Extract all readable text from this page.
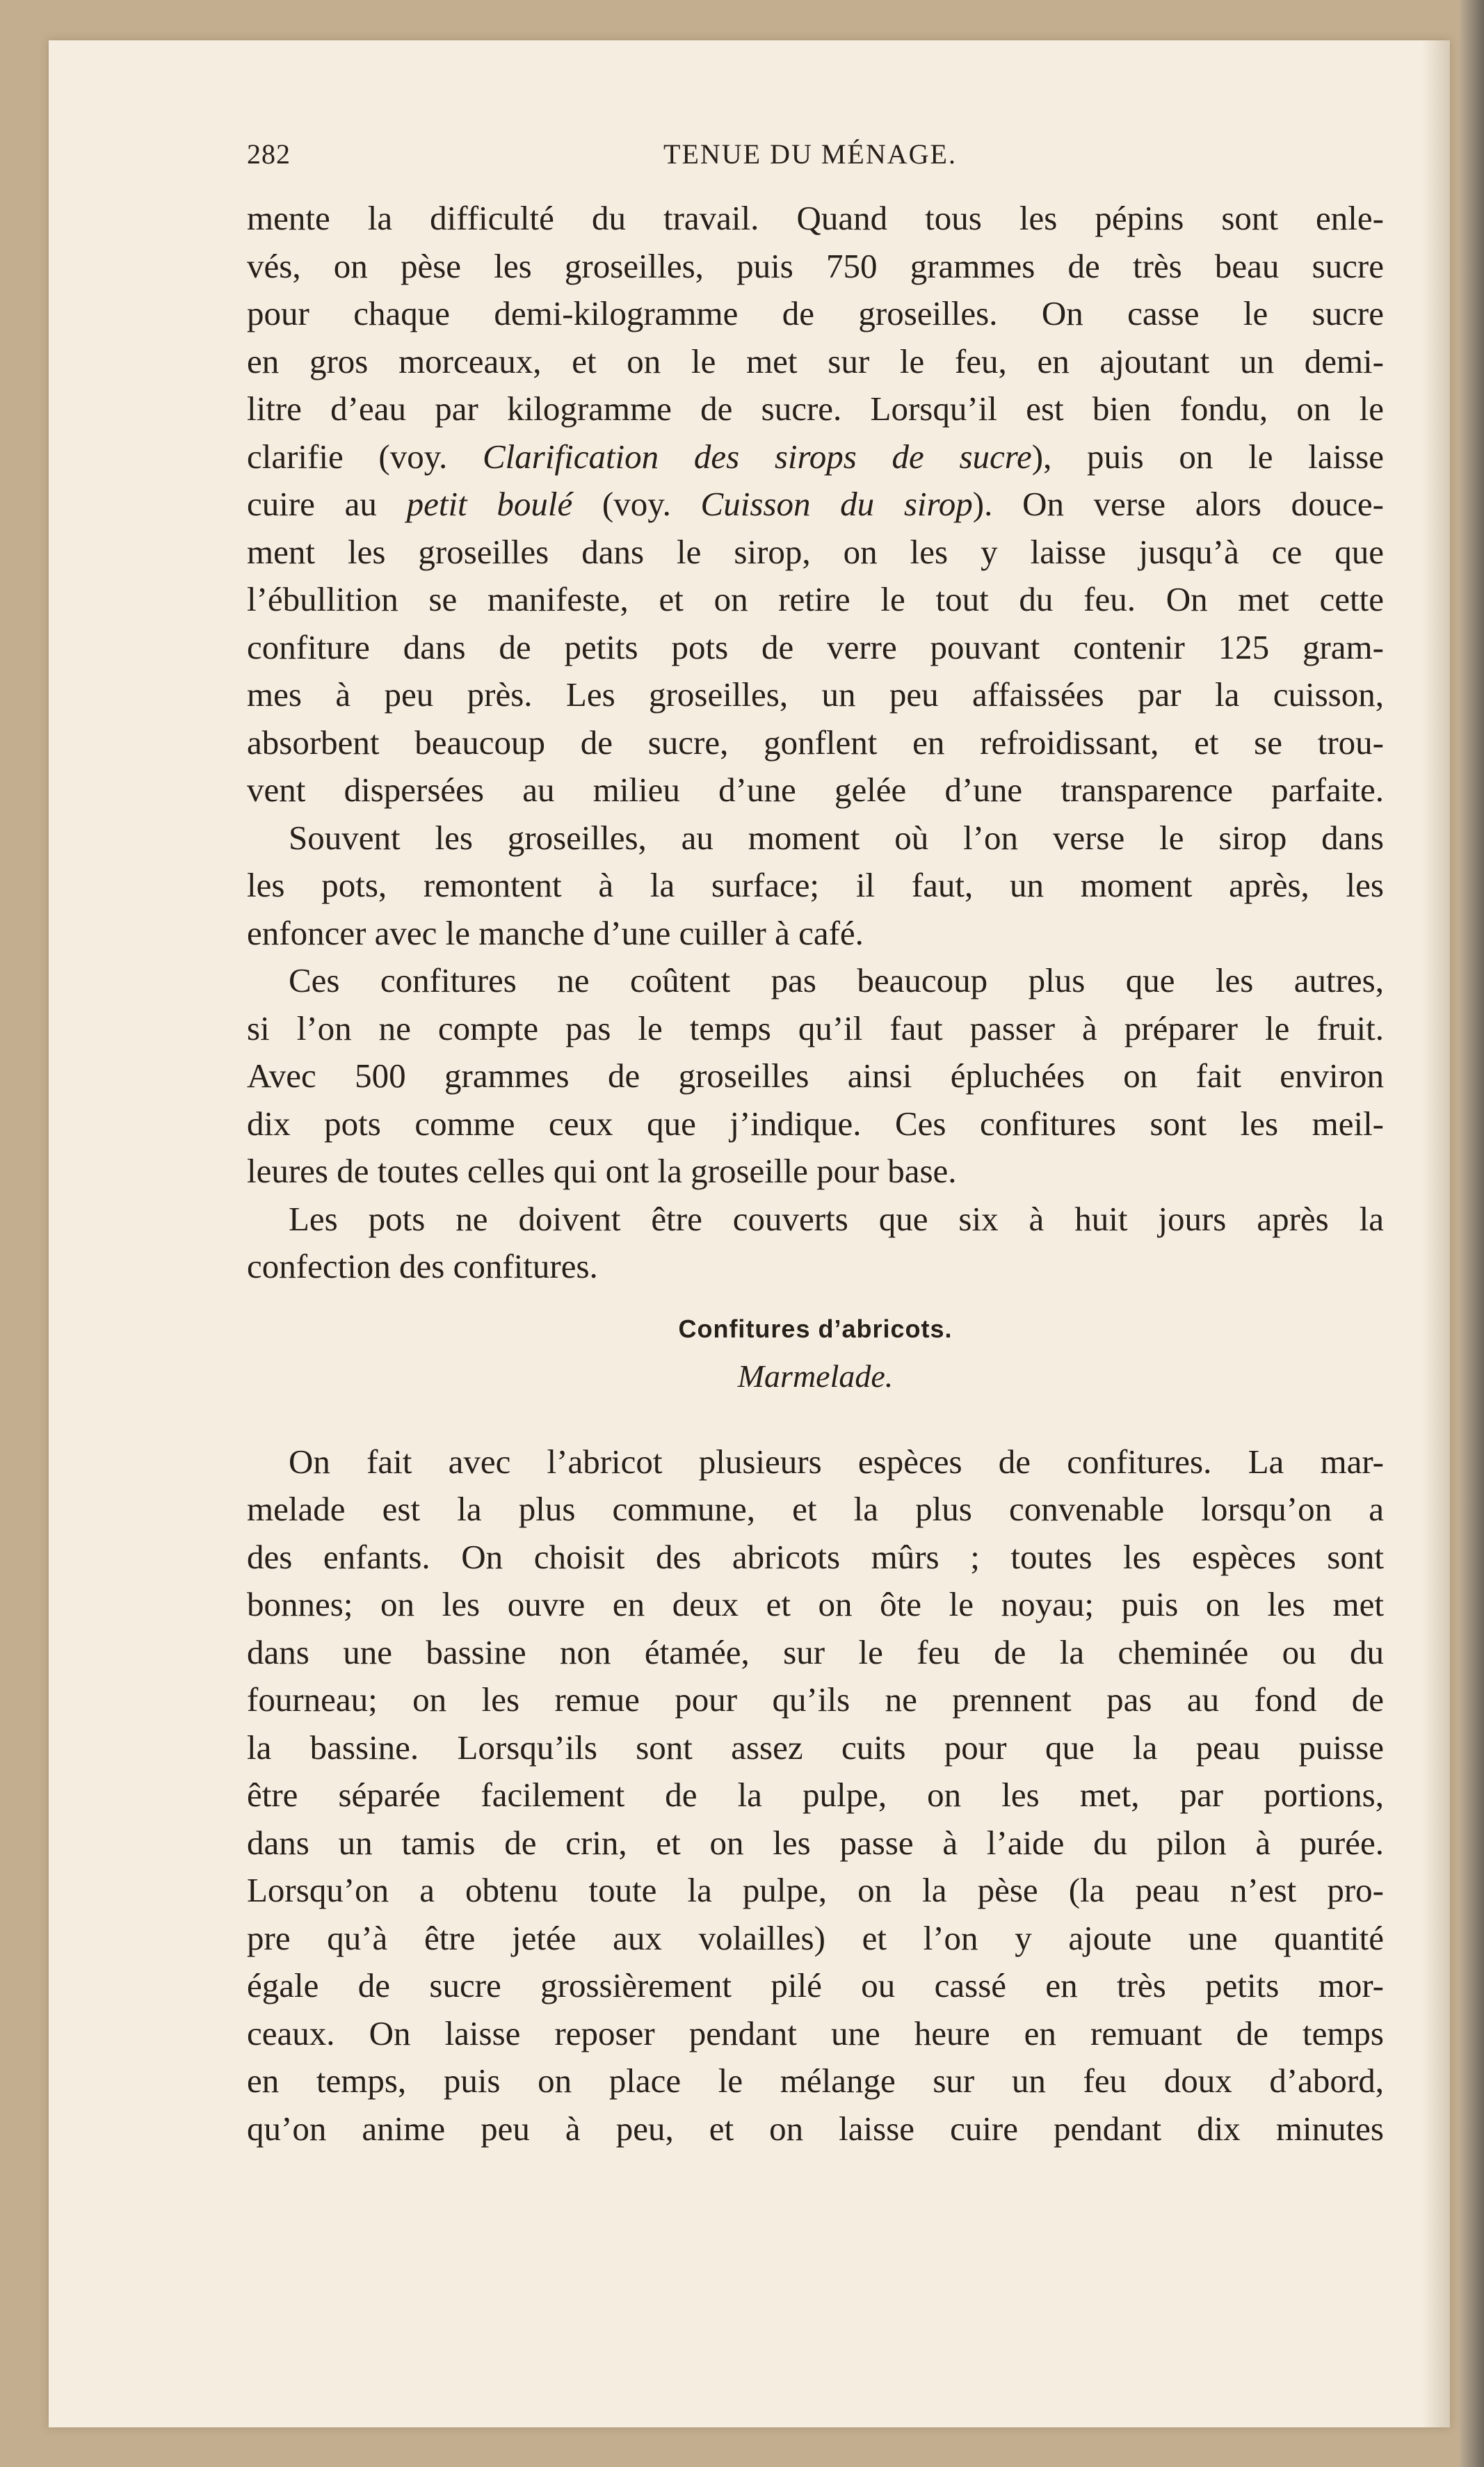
282	TENUE DU MÉNAGE.
mente la difficulté du travail. Quand tous les pépins sont enle-
vés, on pèse les groseilles, puis 750 grammes de très beau sucre
pour chaque demi-kilogramme de groseilles. On casse le sucre
en gros morceaux, et on le met sur le feu, en ajoutant un demi-
litre d’eau par kilogramme de sucre. Lorsqu’il est bien fondu, on le
clarifie (voy. Clarification des sirops de sucre), puis on le laisse
cuire au petit boulé (voy. Cuisson du sirop). On verse alors douce-
ment les groseilles dans le sirop, on les y laisse jusqu’à ce que
l’ébullition se manifeste, et on retire le tout du feu. On met cette
confiture dans de petits pots de verre pouvant contenir 125 gram-
mes à peu près. Les groseilles, un peu affaissées par la cuisson,
absorbent beaucoup de sucre, gonflent en refroidissant, et se trou-
vent dispersées au milieu d’une gelée d’une transparence parfaite.
Souvent les groseilles, au moment où l’on verse le sirop dans
les pots, remontent à la surface; il faut, un moment après, les
enfoncer avec le manche d’une cuiller à café.
Ces confitures ne coûtent pas beaucoup plus que les autres,
si l’on ne compte pas le temps qu’il faut passer à préparer le fruit.
Avec 500 grammes de groseilles ainsi épluchées on fait environ
dix pots comme ceux que j’indique. Ces confitures sont les meil-
leures de toutes celles qui ont la groseille pour base.
Les pots ne doivent être couverts que six à huit jours après la
confection des confitures.
Confitures d’abricots.
Marmelade.
On fait avec l’abricot plusieurs espèces de confitures. La mar-
melade est la plus commune, et la plus convenable lorsqu’on a
des enfants. On choisit des abricots mûrs ; toutes les espèces sont
bonnes; on les ouvre en deux et on ôte le noyau; puis on les met
dans une bassine non étamée, sur le feu de la cheminée ou du
fourneau; on les remue pour qu’ils ne prennent pas au fond de
la bassine. Lorsqu’ils sont assez cuits pour que la peau puisse
être séparée facilement de la pulpe, on les met, par portions,
dans un tamis de crin, et on les passe à l’aide du pilon à purée.
Lorsqu’on a obtenu toute la pulpe, on la pèse (la peau n’est pro-
pre qu’à être jetée aux volailles) et l’on y ajoute une quantité
égale de sucre grossièrement pilé ou cassé en très petits mor-
ceaux. On laisse reposer pendant une heure en remuant de temps
en temps, puis on place le mélange sur un feu doux d’abord,
qu’on anime peu à peu, et on laisse cuire pendant dix minutes
